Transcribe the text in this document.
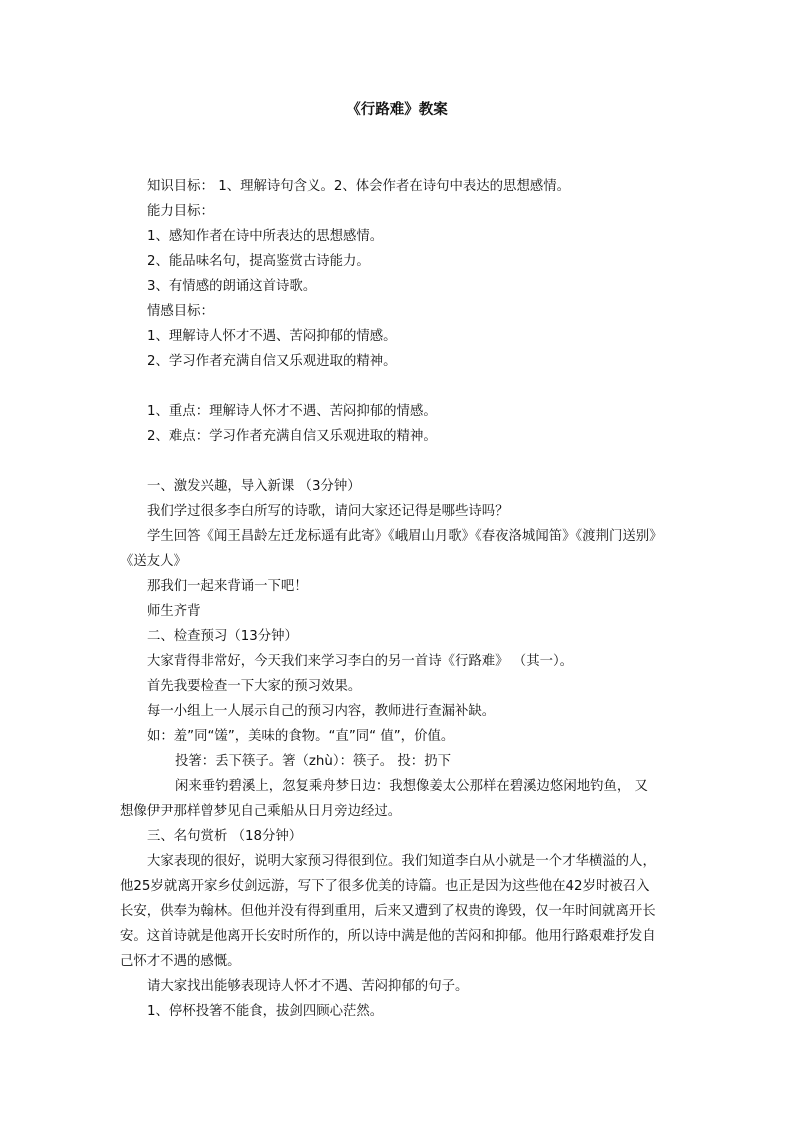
《行路难》教案
知识目标： 1、理解诗句含义。2、体会作者在诗句中表达的思想感情。
能力目标：
1、感知作者在诗中所表达的思想感情。
2、能品味名句，提高鉴赏古诗能力。
3、有情感的朗诵这首诗歌。
情感目标：
1、理解诗人怀才不遇、苦闷抑郁的情感。
2、学习作者充满自信又乐观进取的精神。
1、重点：理解诗人怀才不遇、苦闷抑郁的情感。
2、难点：学习作者充满自信又乐观进取的精神。
一、激发兴趣，导入新课 （3分钟）
我们学过很多李白所写的诗歌，请问大家还记得是哪些诗吗？
学生回答《闻王昌龄左迁龙标遥有此寄》《峨眉山月歌》《春夜洛城闻笛》《渡荆门送别》
《送友人》
那我们一起来背诵一下吧！
师生齐背
二、检查预习（13分钟）
大家背得非常好，今天我们来学习李白的另一首诗《行路难》 （其一）。
首先我要检查一下大家的预习效果。
每一小组上一人展示自己的预习内容，教师进行查漏补缺。
如：羞”同“馐”，美味的食物。“直”同“ 值”，价值。
投箸：丢下筷子。箸（zhù）：筷子。 投：扔下
闲来垂钓碧溪上，忽复乘舟梦日边：我想像姜太公那样在碧溪边悠闲地钓鱼， 又
想像伊尹那样曾梦见自己乘船从日月旁边经过。
三、名句赏析 （18分钟）
大家表现的很好，说明大家预习得很到位。我们知道李白从小就是一个才华横溢的人，
他25岁就离开家乡仗剑远游，写下了很多优美的诗篇。也正是因为这些他在42岁时被召入
长安，供奉为翰林。但他并没有得到重用，后来又遭到了权贵的谗毁，仅一年时间就离开长
安。这首诗就是他离开长安时所作的，所以诗中满是他的苦闷和抑郁。他用行路艰难抒发自
己怀才不遇的感慨。
请大家找出能够表现诗人怀才不遇、苦闷抑郁的句子。
1、停杯投箸不能食，拔剑四顾心茫然。
